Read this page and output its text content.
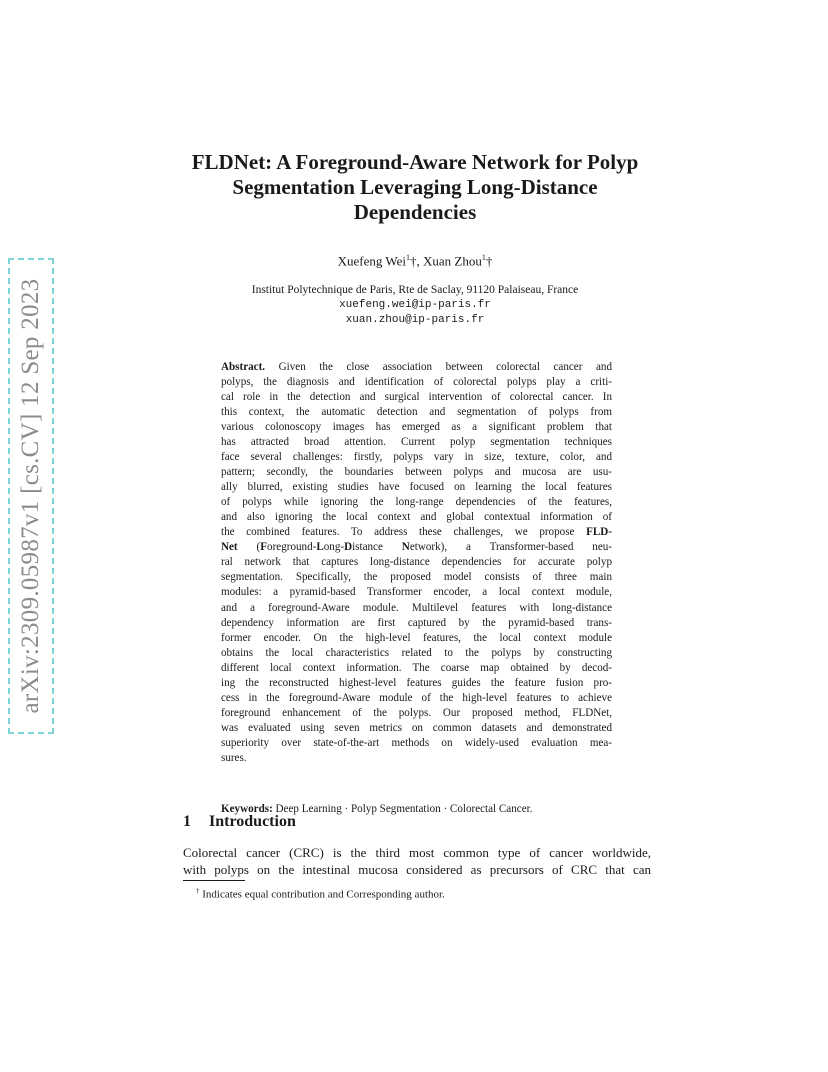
arXiv:2309.05987v1 [cs.CV] 12 Sep 2023
FLDNet: A Foreground-Aware Network for Polyp
Segmentation Leveraging Long-Distance
Dependencies
Xuefeng Wei$^1$†, Xuan Zhou$^1$†
Institut Polytechnique de Paris, Rte de Saclay, 91120 Palaiseau, France
xuefeng.wei@ip-paris.fr
xuan.zhou@ip-paris.fr
Abstract. Given the close association between colorectal cancer and
polyps, the diagnosis and identification of colorectal polyps play a criti-
cal role in the detection and surgical intervention of colorectal cancer. In
this context, the automatic detection and segmentation of polyps from
various colonoscopy images has emerged as a significant problem that
has attracted broad attention. Current polyp segmentation techniques
face several challenges: firstly, polyps vary in size, texture, color, and
pattern; secondly, the boundaries between polyps and mucosa are usu-
ally blurred, existing studies have focused on learning the local features
of polyps while ignoring the long-range dependencies of the features,
and also ignoring the local context and global contextual information of
the combined features. To address these challenges, we propose FLD-
Net (Foreground-Long-Distance Network), a Transformer-based neu-
ral network that captures long-distance dependencies for accurate polyp
segmentation. Specifically, the proposed model consists of three main
modules: a pyramid-based Transformer encoder, a local context module,
and a foreground-Aware module. Multilevel features with long-distance
dependency information are first captured by the pyramid-based trans-
former encoder. On the high-level features, the local context module
obtains the local characteristics related to the polyps by constructing
different local context information. The coarse map obtained by decod-
ing the reconstructed highest-level features guides the feature fusion pro-
cess in the foreground-Aware module of the high-level features to achieve
foreground enhancement of the polyps. Our proposed method, FLDNet,
was evaluated using seven metrics on common datasets and demonstrated
superiority over state-of-the-art methods on widely-used evaluation mea-
sures.
Keywords: Deep Learning · Polyp Segmentation · Colorectal Cancer.
1 Introduction
Colorectal cancer (CRC) is the third most common type of cancer worldwide,
with polyps on the intestinal mucosa considered as precursors of CRC that can
† Indicates equal contribution and Corresponding author.
